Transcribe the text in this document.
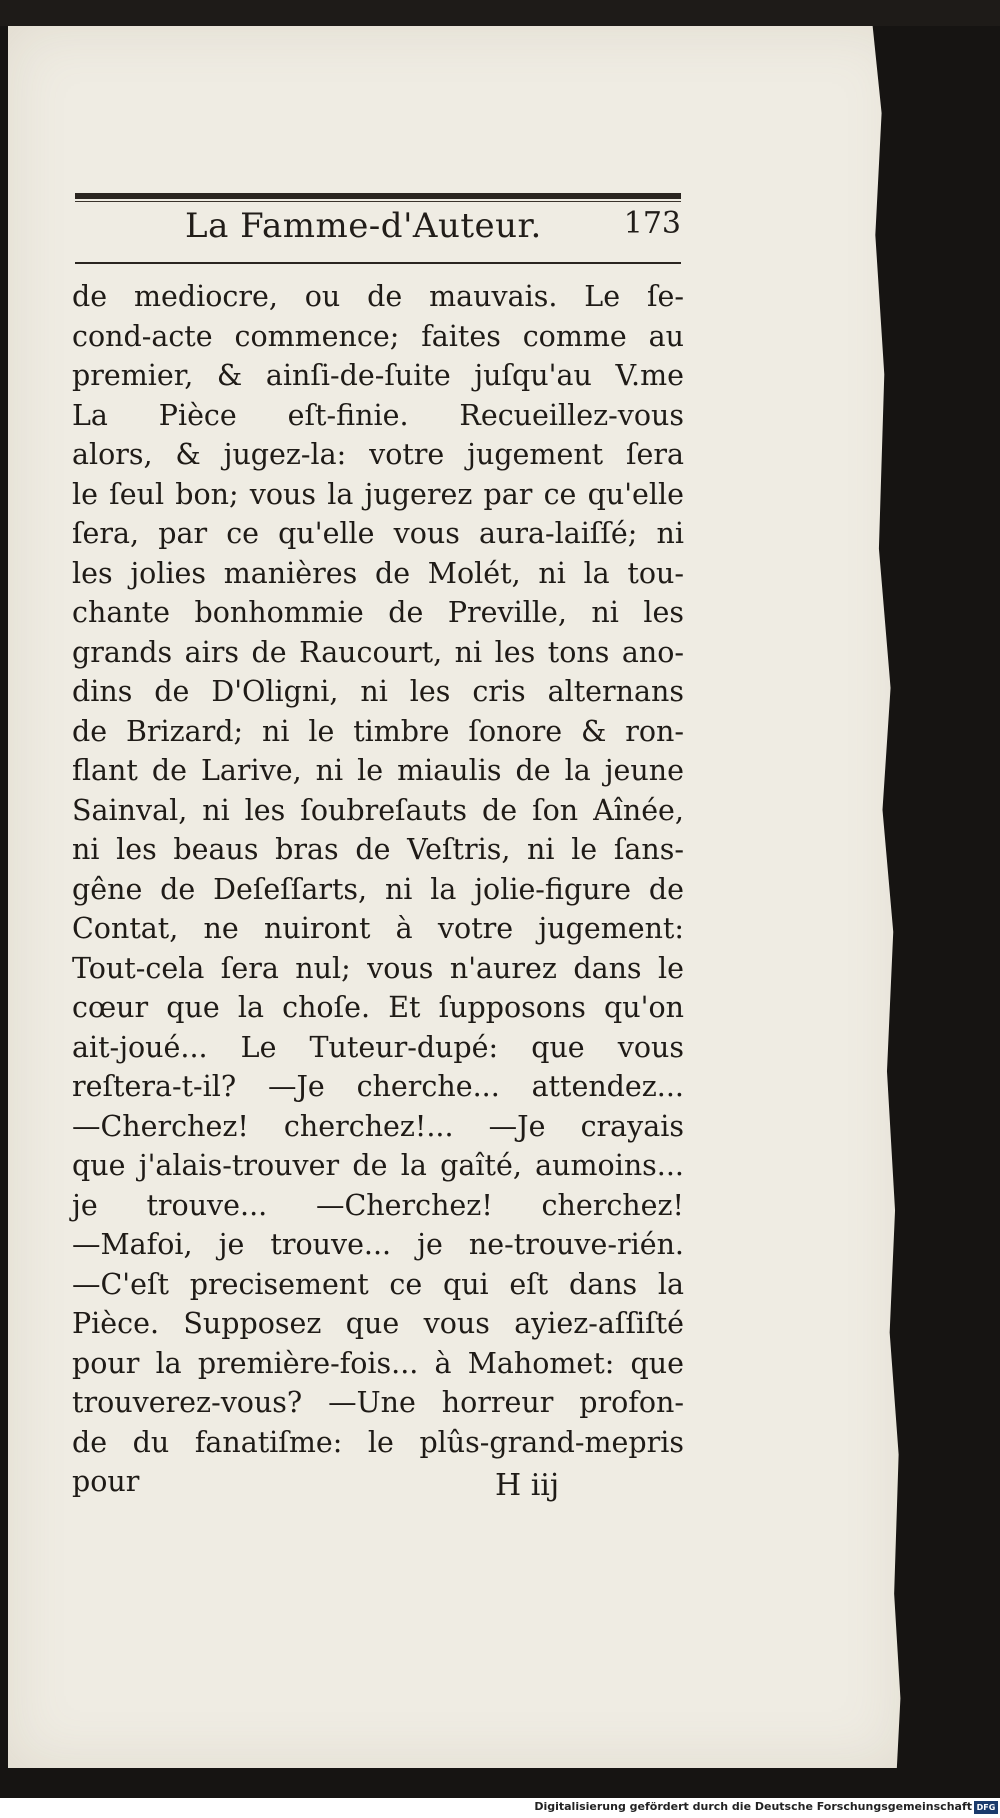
La Famme-d'Auteur.	173
de mediocre, ou de mauvais. Le ſe-
cond-acte commence; faites comme au
premier, & ainſi-de-ſuite juſqu'au V.me
La Pièce eſt-finie. Recueillez-vous
alors, & jugez-la: votre jugement ſera
le ſeul bon; vous la jugerez par ce qu'elle
ſera, par ce qu'elle vous aura-laiſſé; ni
les jolies manières de Molét, ni la tou-
chante bonhommie de Preville, ni les
grands airs de Raucourt, ni les tons ano-
dins de D'Oligni, ni les cris alternans
de Brizard; ni le timbre ſonore & ron-
flant de Larive, ni le miaulis de la jeune
Sainval, ni les ſoubreſauts de ſon Aînée,
ni les beaus bras de Veſtris, ni le ſans-
gêne de Deſeſſarts, ni la jolie-figure de
Contat, ne nuiront à votre jugement:
Tout-cela ſera nul; vous n'aurez dans le
cœur que la choſe. Et ſupposons qu'on
ait-joué... Le Tuteur-dupé: que vous
reſtera-t-il? —Je cherche... attendez...
—Cherchez! cherchez!... —Je crayais
que j'alais-trouver de la gaîté, aumoins...
je trouve... —Cherchez! cherchez!
—Mafoi, je trouve... je ne-trouve-rién.
—C'eſt precisement ce qui eſt dans la
Pièce. Supposez que vous ayiez-aſſiſté
pour la première-fois... à Mahomet: que
trouverez-vous? —Une horreur profon-
de du fanatiſme: le plûs-grand-mepris pour	H iij
Digitalisierung gefördert durch die Deutsche Forschungsgemeinschaft DFG
